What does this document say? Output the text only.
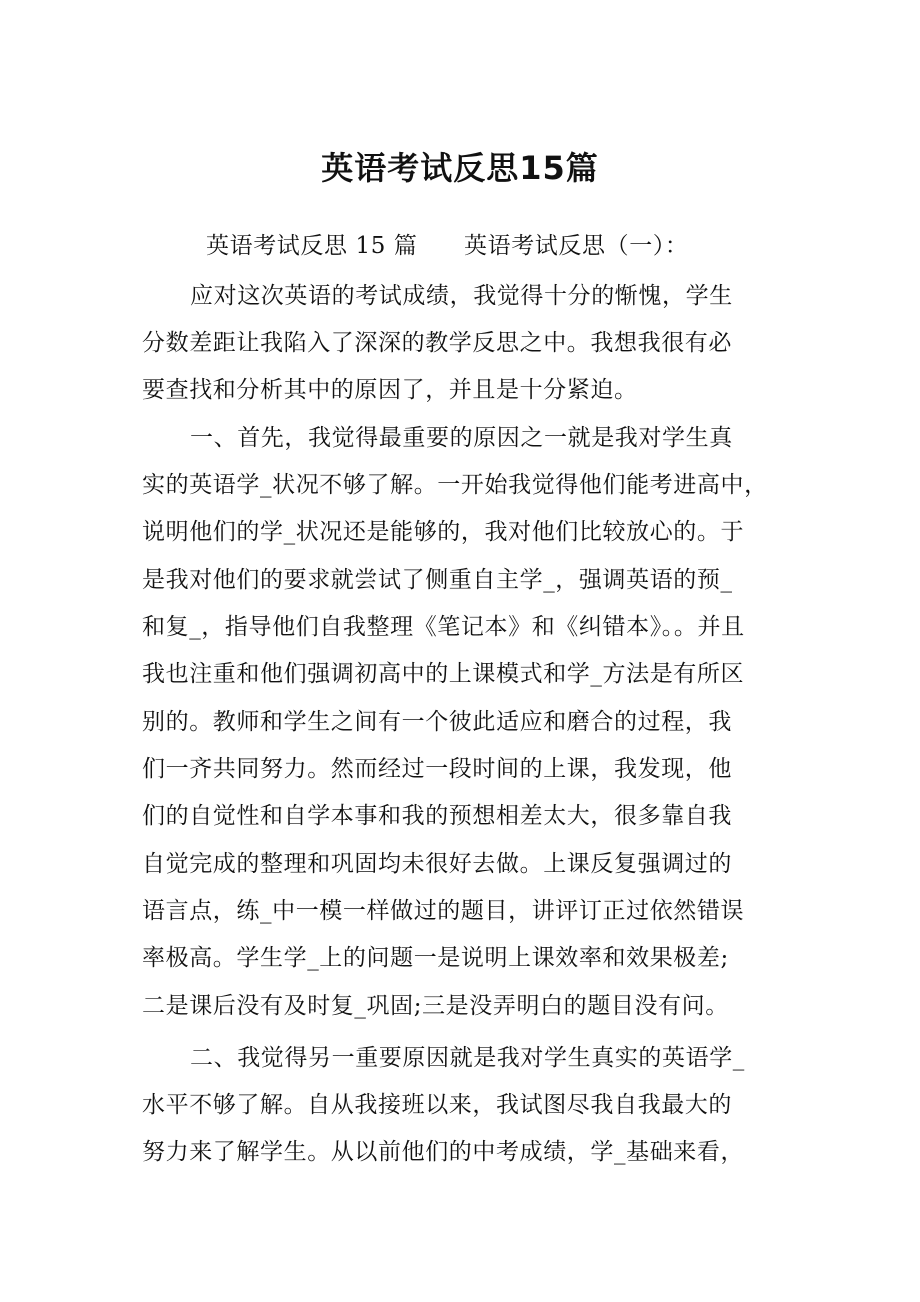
英语考试反思15篇
英语考试反思 15 篇 英语考试反思（一）：
应对这次英语的考试成绩，我觉得十分的惭愧，学生
分数差距让我陷入了深深的教学反思之中。我想我很有必
要查找和分析其中的原因了，并且是十分紧迫。
一、首先，我觉得最重要的原因之一就是我对学生真
实的英语学_状况不够了解。一开始我觉得他们能考进高中，
说明他们的学_状况还是能够的，我对他们比较放心的。于
是我对他们的要求就尝试了侧重自主学_，强调英语的预_
和复_，指导他们自我整理《笔记本》和《纠错本》。。并且
我也注重和他们强调初高中的上课模式和学_方法是有所区
别的。教师和学生之间有一个彼此适应和磨合的过程，我
们一齐共同努力。然而经过一段时间的上课，我发现，他
们的自觉性和自学本事和我的预想相差太大，很多靠自我
自觉完成的整理和巩固均未很好去做。上课反复强调过的
语言点，练_中一模一样做过的题目，讲评订正过依然错误
率极高。学生学_上的问题一是说明上课效率和效果极差;
二是课后没有及时复_巩固;三是没弄明白的题目没有问。
二、我觉得另一重要原因就是我对学生真实的英语学_
水平不够了解。自从我接班以来，我试图尽我自我最大的
努力来了解学生。从以前他们的中考成绩，学_基础来看，
